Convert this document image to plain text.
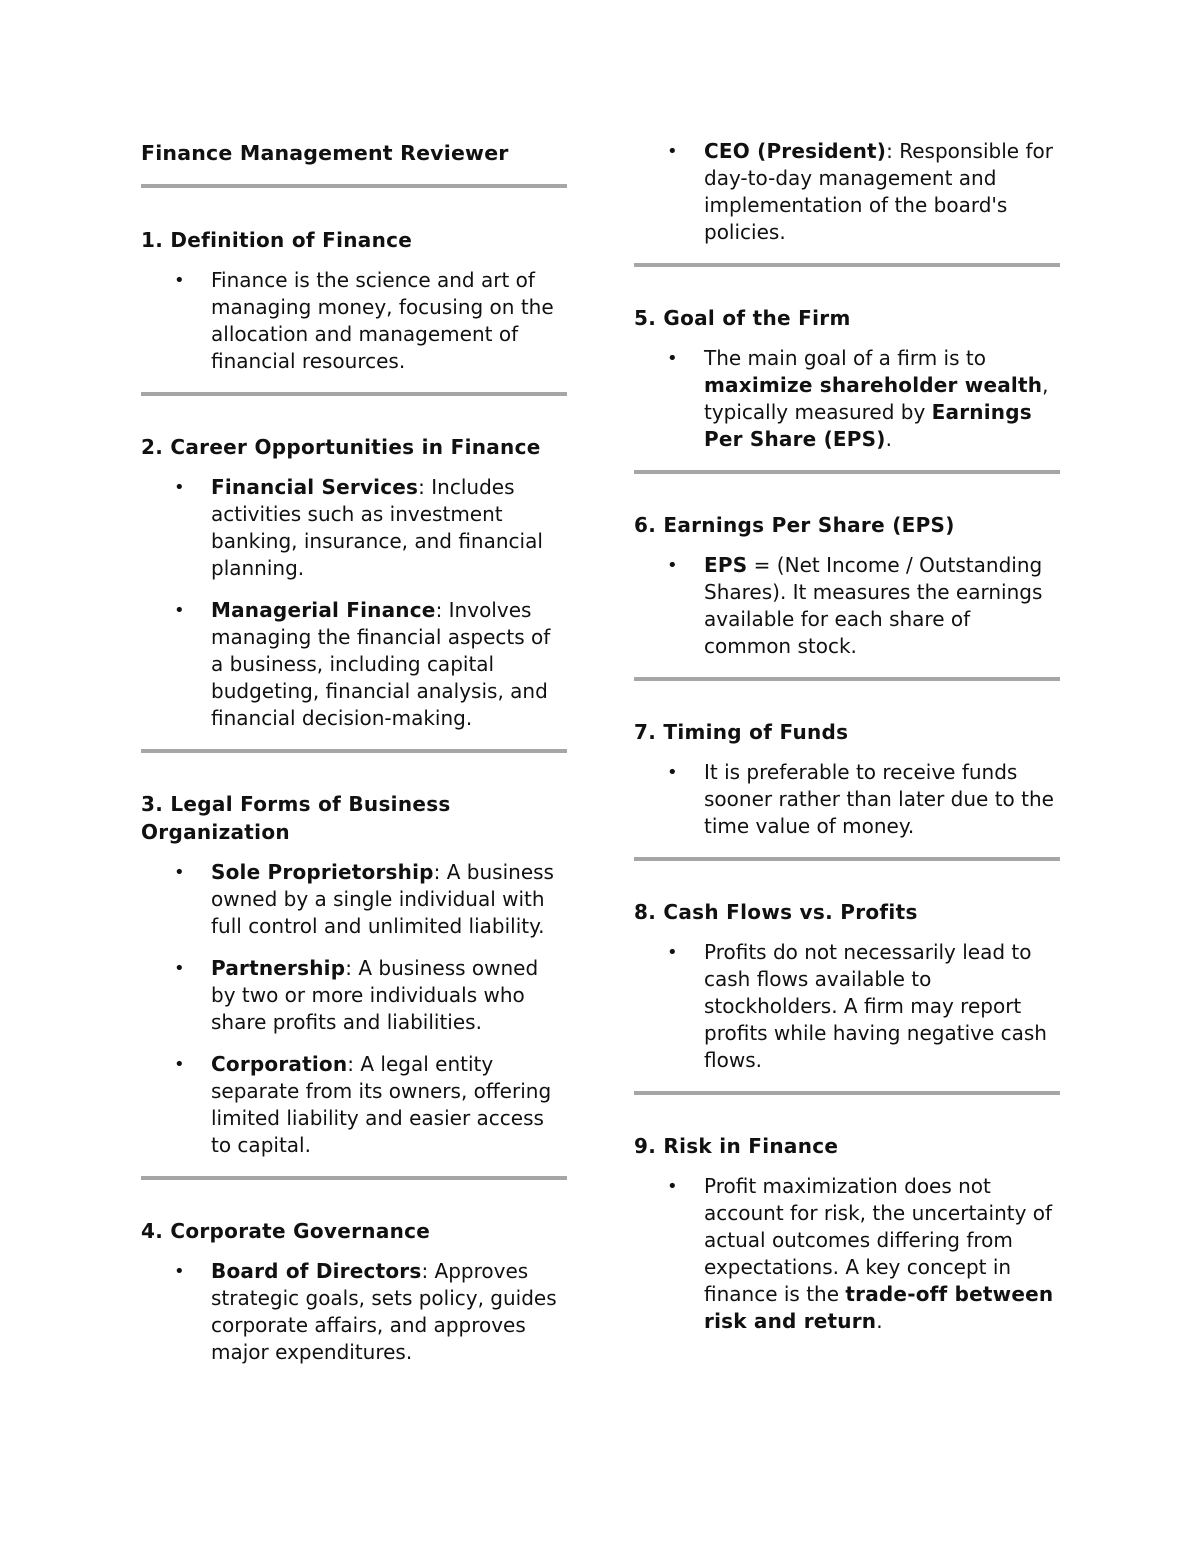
Finance Management Reviewer
1. Definition of Finance
• Finance is the science and art of managing money, focusing on the allocation and management of financial resources.
2. Career Opportunities in Finance
• Financial Services: Includes activities such as investment banking, insurance, and financial planning.
• Managerial Finance: Involves managing the financial aspects of a business, including capital budgeting, financial analysis, and financial decision-making.
3. Legal Forms of Business Organization
• Sole Proprietorship: A business owned by a single individual with full control and unlimited liability.
• Partnership: A business owned by two or more individuals who share profits and liabilities.
• Corporation: A legal entity separate from its owners, offering limited liability and easier access to capital.
4. Corporate Governance
• Board of Directors: Approves strategic goals, sets policy, guides corporate affairs, and approves major expenditures.
• CEO (President): Responsible for day-to-day management and implementation of the board's policies.
5. Goal of the Firm
• The main goal of a firm is to maximize shareholder wealth, typically measured by Earnings Per Share (EPS).
6. Earnings Per Share (EPS)
• EPS = (Net Income / Outstanding Shares). It measures the earnings available for each share of common stock.
7. Timing of Funds
• It is preferable to receive funds sooner rather than later due to the time value of money.
8. Cash Flows vs. Profits
• Profits do not necessarily lead to cash flows available to stockholders. A firm may report profits while having negative cash flows.
9. Risk in Finance
• Profit maximization does not account for risk, the uncertainty of actual outcomes differing from expectations. A key concept in finance is the trade-off between risk and return.
